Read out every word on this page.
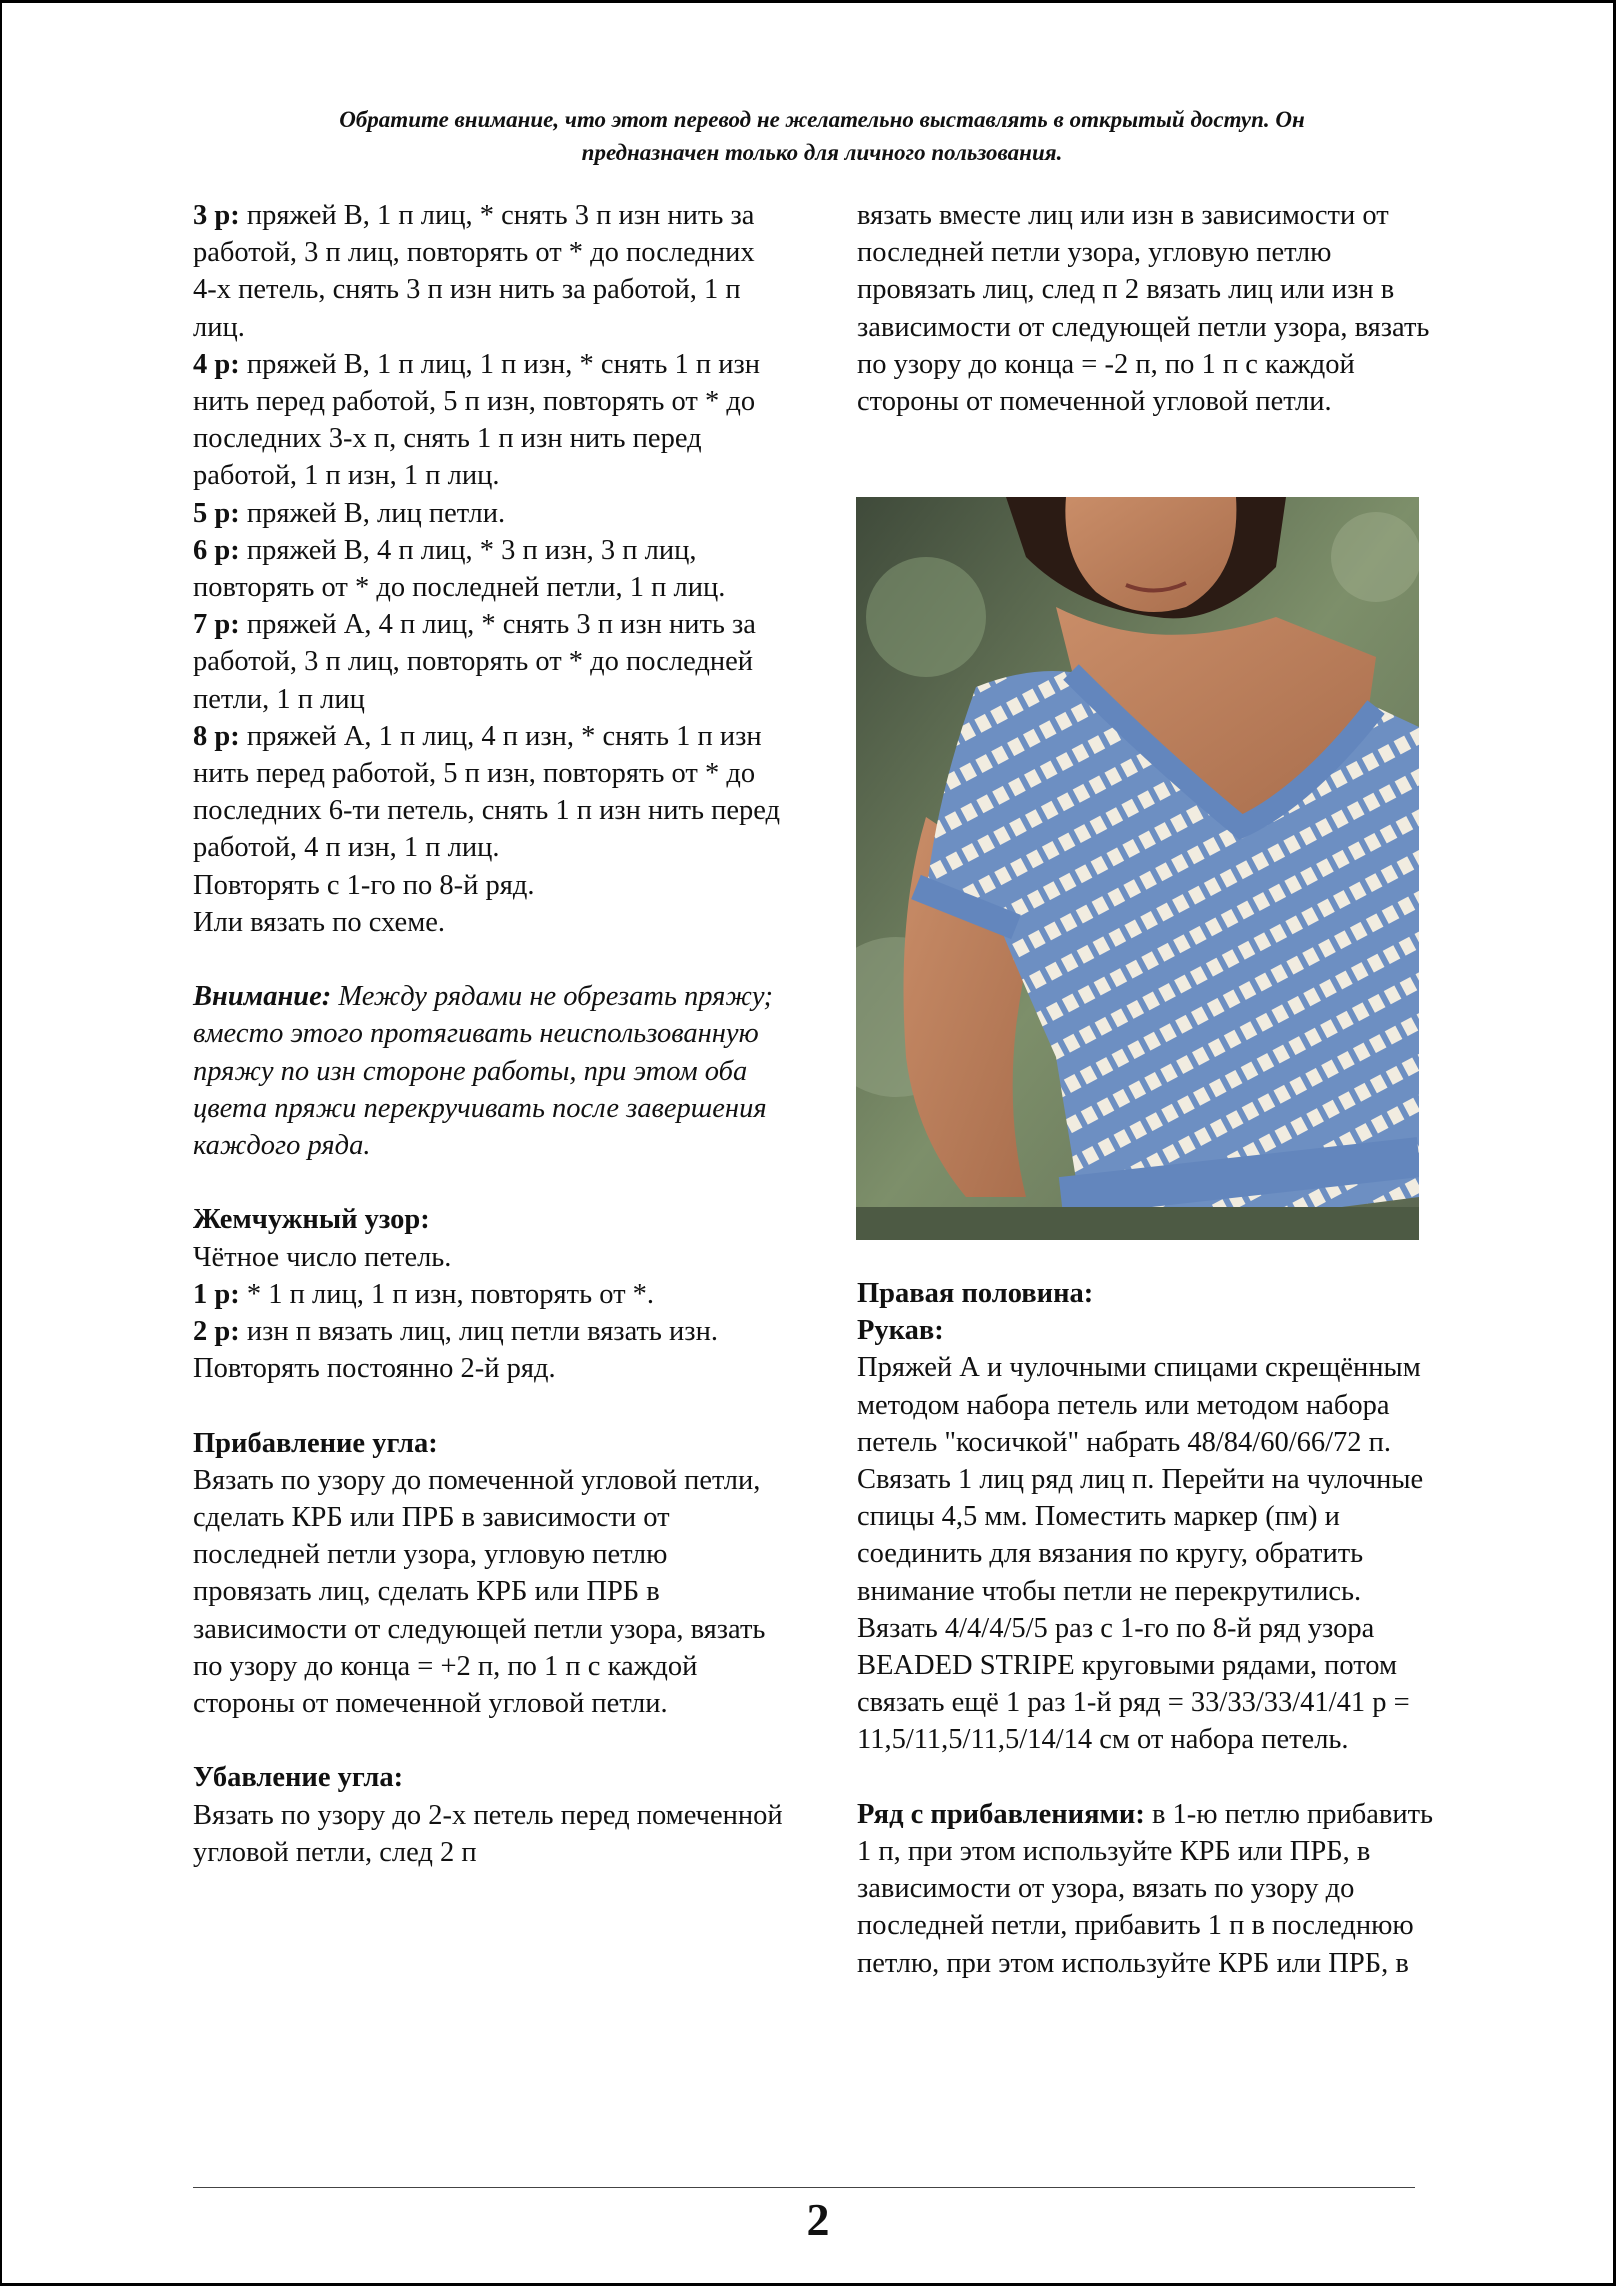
Обратите внимание, что этот перевод не желательно выставлять в открытый доступ. Он
предназначен только для личного пользования.

3 р: пряжей В, 1 п лиц, * снять 3 п изн нить за работой, 3 п лиц, повторять от * до последних 4-х петель, снять 3 п изн нить за работой, 1 п лиц.

4 р: пряжей В, 1 п лиц, 1 п изн, * снять 1 п изн нить перед работой, 5 п изн, повторять от * до последних 3-х п, снять 1 п изн нить перед работой, 1 п изн, 1 п лиц.

5 р: пряжей В, лиц петли.

6 р: пряжей В, 4 п лиц, * 3 п изн, 3 п лиц, повторять от * до последней петли, 1 п лиц.

7 р: пряжей А, 4 п лиц, * снять 3 п изн нить за работой, 3 п лиц, повторять от * до последней петли, 1 п лиц

8 р: пряжей А, 1 п лиц, 4 п изн, * снять 1 п изн нить перед работой, 5 п изн, повторять от * до последних 6-ти петель, снять 1 п изн нить перед работой, 4 п изн, 1 п лиц.

Повторять с 1-го по 8-й ряд.

Или вязать по схеме.

Внимание: Между рядами не обрезать пряжу; вместо этого протягивать неиспользованную пряжу по изн стороне работы, при этом оба цвета пряжи перекручивать после завершения каждого ряда.

Жемчужный узор:

Чётное число петель.

1 р: * 1 п лиц, 1 п изн, повторять от *.

2 р: изн п вязать лиц, лиц петли вязать изн.

Повторять постоянно 2-й ряд.

Прибавление угла:

Вязать по узору до помеченной угловой петли, сделать КРБ или ПРБ в зависимости от последней петли узора, угловую петлю провязать лиц, сделать КРБ или ПРБ в зависимости от следующей петли узора, вязать по узору до конца = +2 п, по 1 п с каждой стороны от помеченной угловой петли.

Убавление угла:

Вязать по узору до 2-х петель перед помеченной угловой петли, след 2 п

вязать вместе лиц или изн в зависимости от последней петли узора, угловую петлю провязать лиц, след п 2 вязать лиц или изн в зависимости от следующей петли узора, вязать по узору до конца = -2 п, по 1 п с каждой стороны от помеченной угловой петли.

Правая половина:

Рукав:

Пряжей А и чулочными спицами скрещённым методом набора петель или методом набора петель "косичкой" набрать 48/84/60/66/72 п. Связать 1 лиц ряд лиц п. Перейти на чулочные спицы 4,5 мм. Поместить маркер (пм) и соединить для вязания по кругу, обратить внимание чтобы петли не перекрутились. Вязать 4/4/4/5/5 раз с 1-го по 8-й ряд узора BEADED STRIPE круговыми рядами, потом связать ещё 1 раз 1-й ряд = 33/33/33/41/41 р = 11,5/11,5/11,5/14/14 см от набора петель.

Ряд с прибавлениями: в 1-ю петлю прибавить 1 п, при этом используйте КРБ или ПРБ, в зависимости от узора, вязать по узору до последней петли, прибавить 1 п в последнюю петлю, при этом используйте КРБ или ПРБ, в

2
